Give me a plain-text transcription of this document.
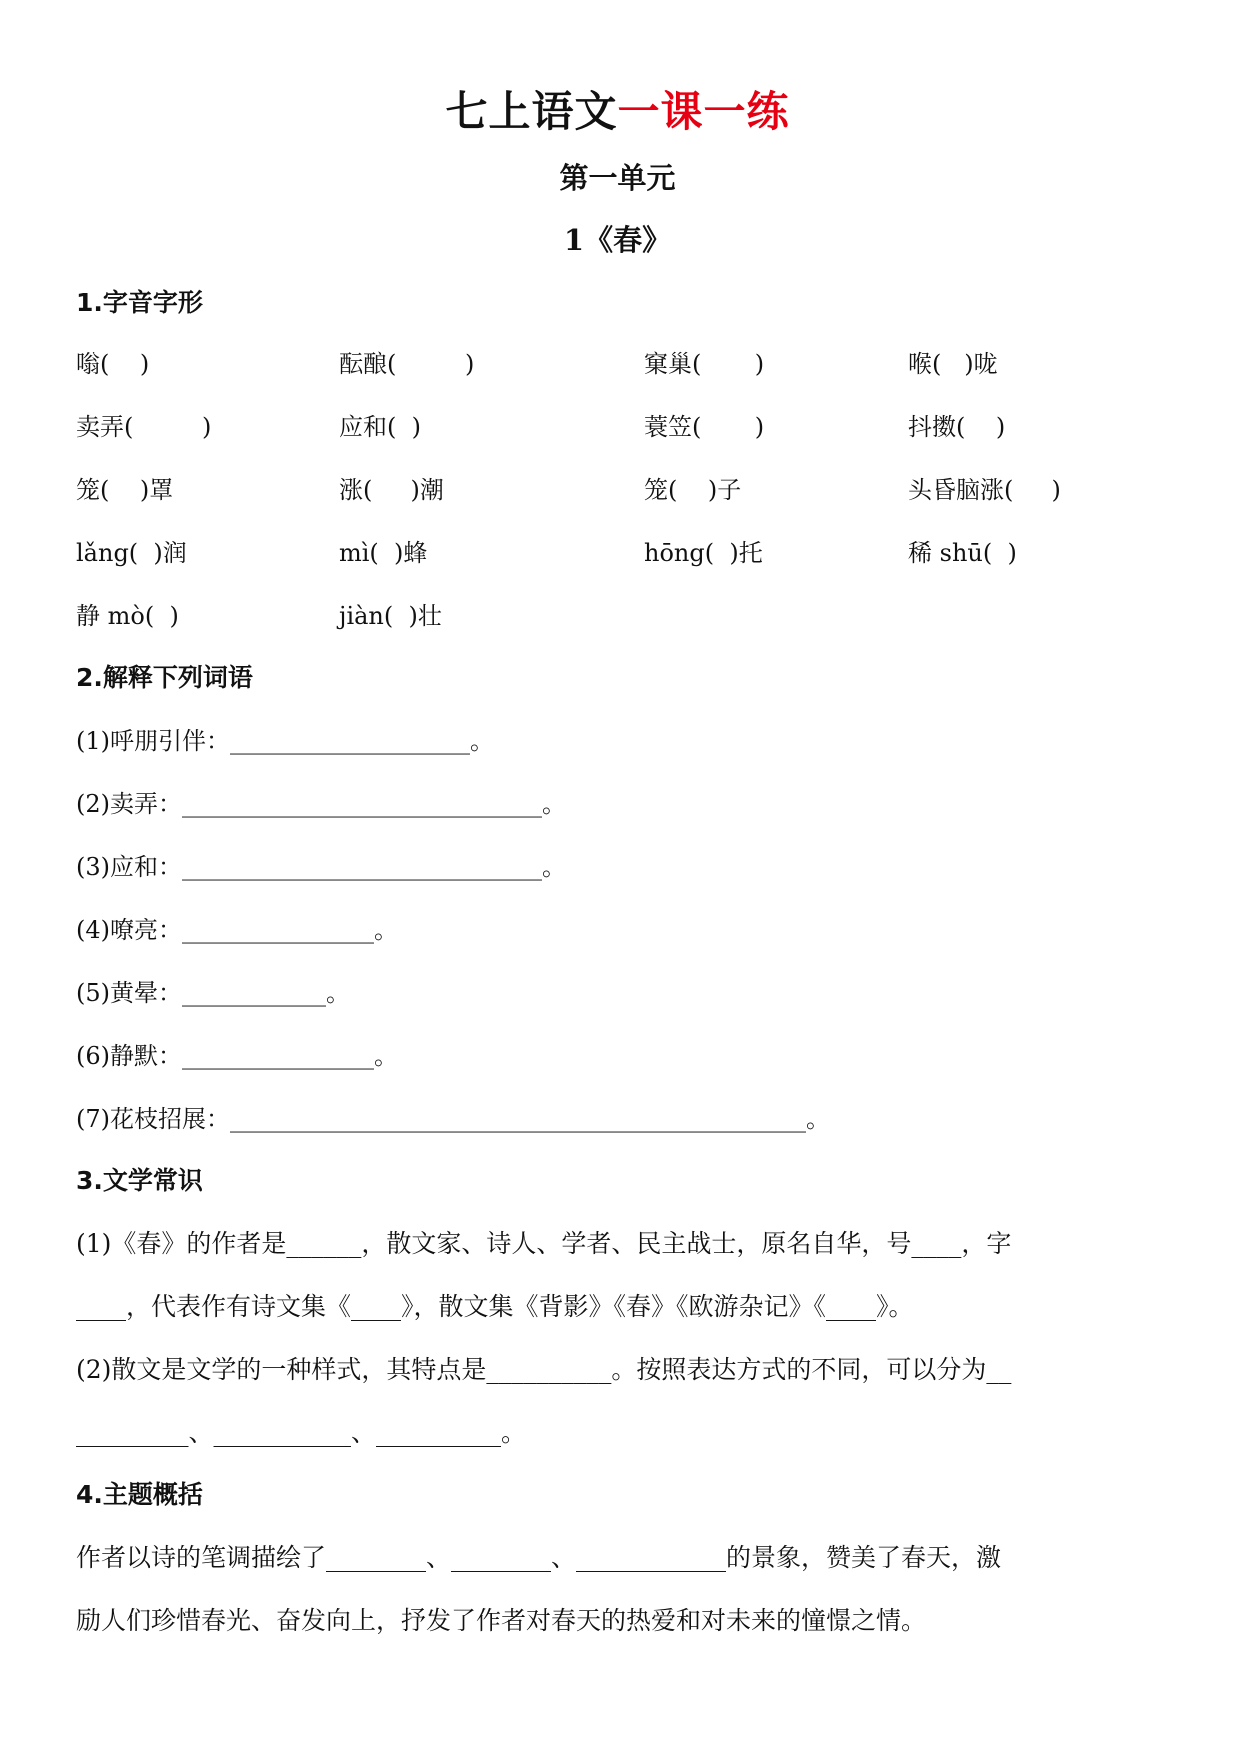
七上语文一课一练
第一单元
1《春》
1.字音字形
嗡(    )	酝酿(         )	窠巢(       )	喉(   )咙
卖弄(         )	应和(  )	蓑笠(       )	抖擞(    )
笼(    )罩	涨(     )潮	笼(    )子	头昏脑涨(     )
lǎng(  )润	mì(  )蜂	hōng(  )托	稀 shū(  )
静 mò(  )	jiàn(  )壮
2.解释下列词语
(1)呼朋引伴：____________________。
(2)卖弄：______________________________。
(3)应和：______________________________。
(4)嘹亮：________________。
(5)黄晕：____________。
(6)静默：________________。
(7)花枝招展：________________________________________________。
3.文学常识
(1)《春》的作者是______，散文家、诗人、学者、民主战士，原名自华，号____，字
____，代表作有诗文集《____》，散文集《背影》《春》《欧游杂记》《____》。
(2)散文是文学的一种样式，其特点是__________。按照表达方式的不同，可以分为__
_________、___________、__________。
4.主题概括
作者以诗的笔调描绘了________、________、____________的景象，赞美了春天，激
励人们珍惜春光、奋发向上，抒发了作者对春天的热爱和对未来的憧憬之情。
